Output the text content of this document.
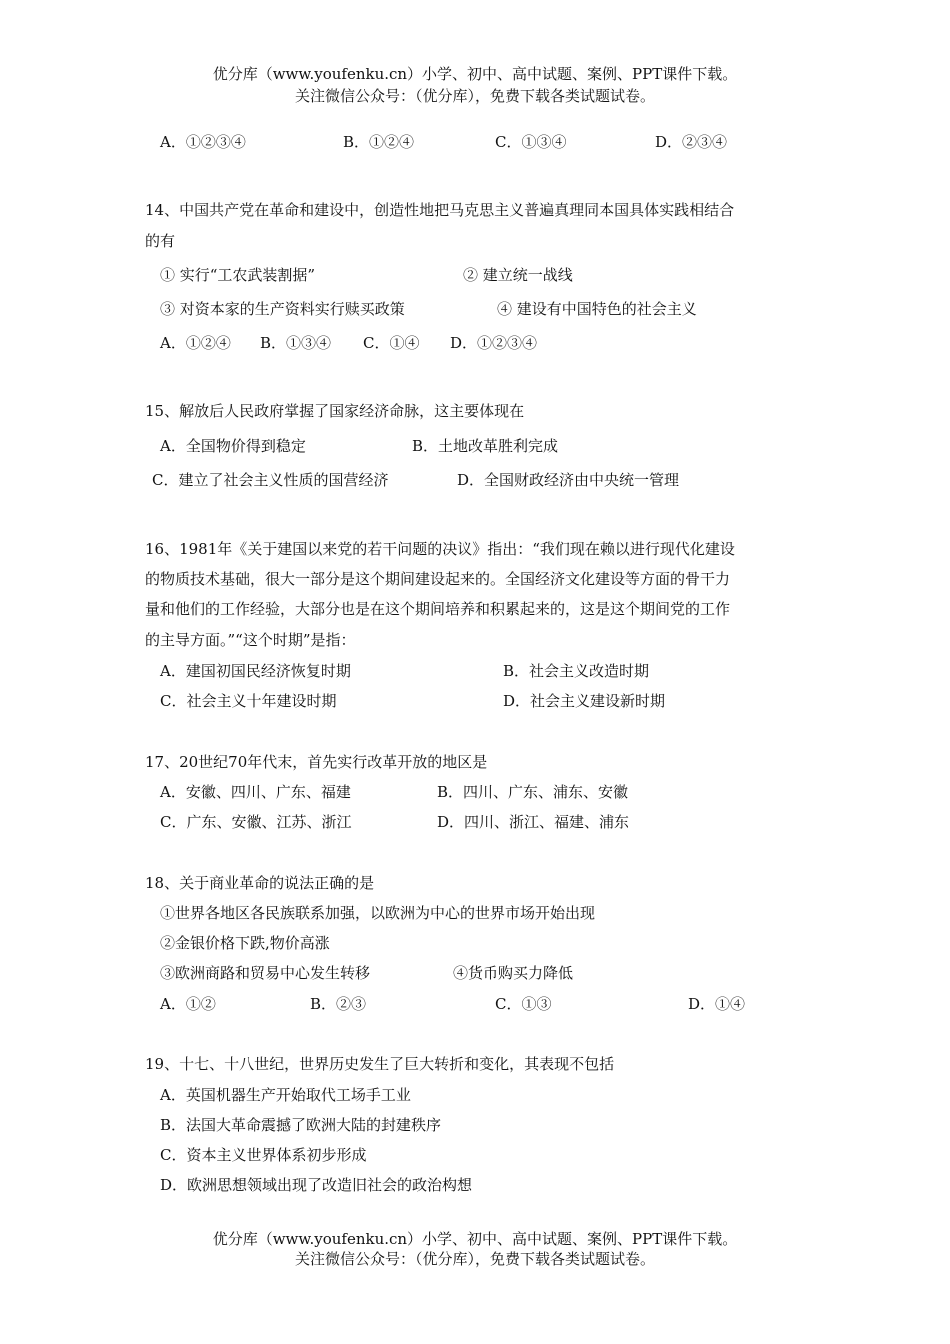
优分库（www.youfenku.cn）小学、初中、高中试题、案例、PPT课件下载。
关注微信公众号：（优分库），免费下载各类试题试卷。
A．①②③④	B．①②④	C．①③④	D．②③④
14、中国共产党在革命和建设中，创造性地把马克思主义普遍真理同本国具体实践相结合
的有
① 实行“工农武装割据”	② 建立统一战线
③ 对资本家的生产资料实行赎买政策	④ 建设有中国特色的社会主义
A．①②④ B．①③④ C．①④ D．①②③④
15、解放后人民政府掌握了国家经济命脉，这主要体现在
A．全国物价得到稳定	B．土地改革胜利完成
C．建立了社会主义性质的国营经济	D．全国财政经济由中央统一管理
16、1981年《关于建国以来党的若干问题的决议》指出：“我们现在赖以进行现代化建设
的物质技术基础，很大一部分是这个期间建设起来的。全国经济文化建设等方面的骨干力
量和他们的工作经验，大部分也是在这个期间培养和积累起来的，这是这个期间党的工作
的主导方面。”“这个时期”是指：
A．建国初国民经济恢复时期	B．社会主义改造时期
C．社会主义十年建设时期	D．社会主义建设新时期
17、20世纪70年代末，首先实行改革开放的地区是
A．安徽、四川、广东、福建	B．四川、广东、浦东、安徽
C．广东、安徽、江苏、浙江	D．四川、浙江、福建、浦东
18、关于商业革命的说法正确的是
①世界各地区各民族联系加强，以欧洲为中心的世界市场开始出现
②金银价格下跌,物价高涨
③欧洲商路和贸易中心发生转移	④货币购买力降低
A．①②	B．②③	C．①③	D．①④
19、十七、十八世纪，世界历史发生了巨大转折和变化，其表现不包括
A．英国机器生产开始取代工场手工业
B．法国大革命震撼了欧洲大陆的封建秩序
C．资本主义世界体系初步形成
D．欧洲思想领域出现了改造旧社会的政治构想
优分库（www.youfenku.cn）小学、初中、高中试题、案例、PPT课件下载。
关注微信公众号：（优分库），免费下载各类试题试卷。
